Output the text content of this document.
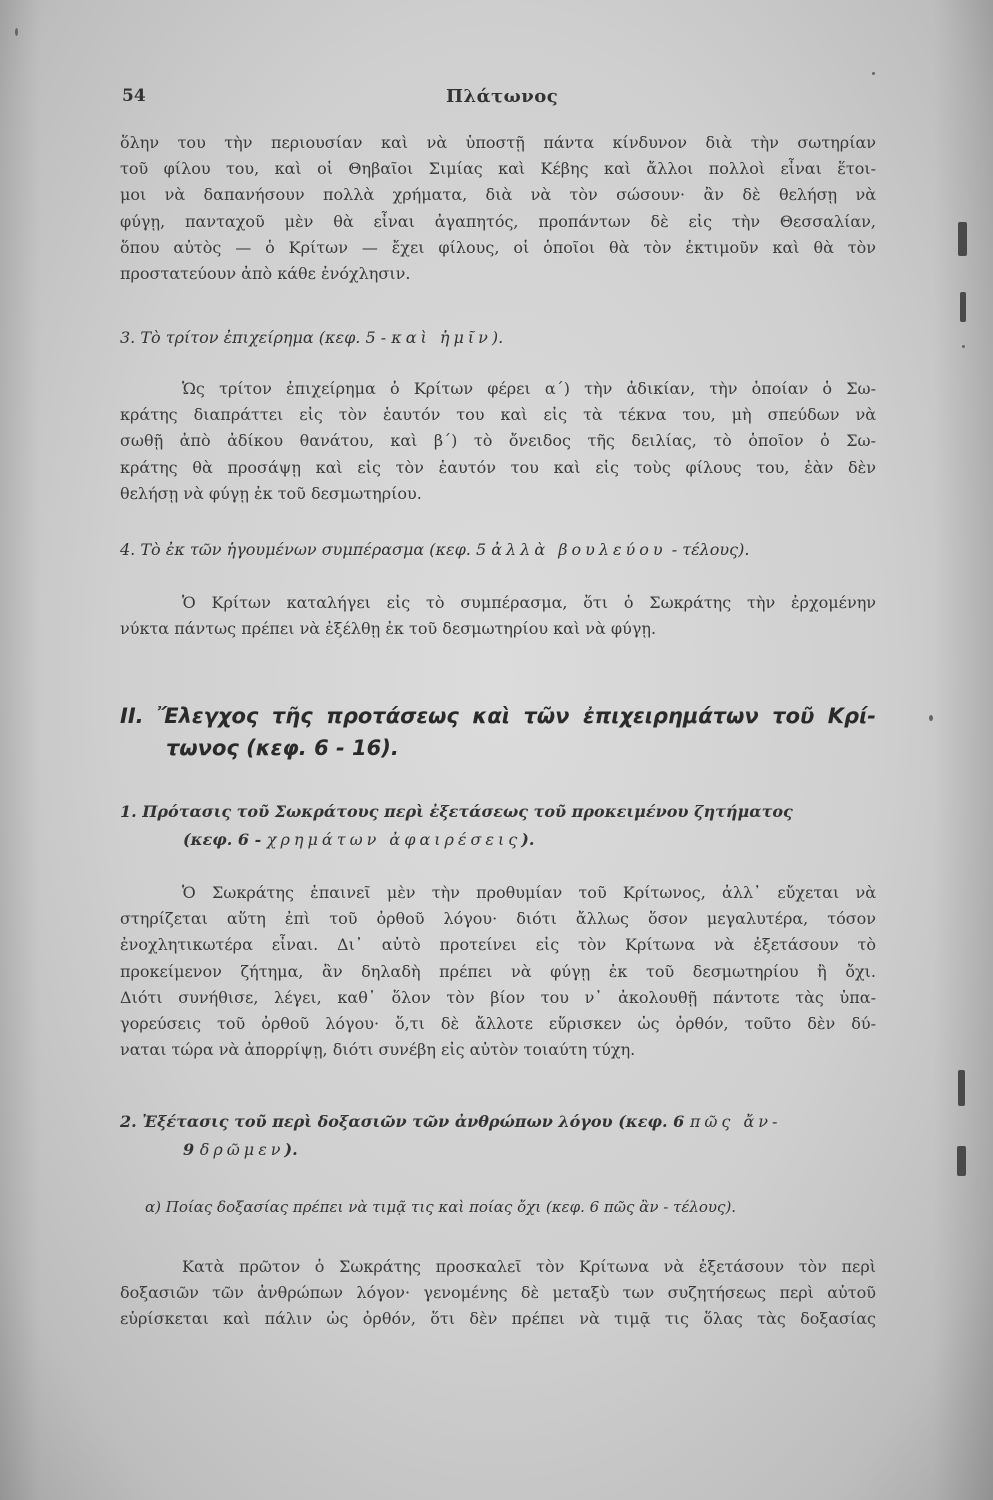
54	Πλάτωνος
ὅλην του τὴν περιουσίαν καὶ νὰ ὑποστῇ πάντα κίνδυνον διὰ τὴν σωτηρίαν
τοῦ φίλου του, καὶ οἱ Θηβαῖοι Σιμίας καὶ Κέβης καὶ ἄλλοι πολλοὶ εἶναι ἕτοι-
μοι νὰ δαπανήσουν πολλὰ χρήματα, διὰ νὰ τὸν σώσουν· ἂν δὲ θελήσῃ νὰ
φύγῃ, πανταχοῦ μὲν θὰ εἶναι ἀγαπητός, προπάντων δὲ εἰς τὴν Θεσσαλίαν,
ὅπου αὐτὸς — ὁ Κρίτων — ἔχει φίλους, οἱ ὁποῖοι θὰ τὸν ἐκτιμοῦν καὶ θὰ τὸν
προστατεύουν ἀπὸ κάθε ἐνόχλησιν.
3. Τὸ τρίτον ἐπιχείρημα (κεφ. 5 - καὶ ἡμῖν).
Ὡς τρίτον ἐπιχείρημα ὁ Κρίτων φέρει α΄) τὴν ἀδικίαν, τὴν ὁποίαν ὁ Σω-
κράτης διαπράττει εἰς τὸν ἑαυτόν του καὶ εἰς τὰ τέκνα του, μὴ σπεύδων νὰ
σωθῇ ἀπὸ ἀδίκου θανάτου, καὶ β΄) τὸ ὄνειδος τῆς δειλίας, τὸ ὁποῖον ὁ Σω-
κράτης θὰ προσάψῃ καὶ εἰς τὸν ἑαυτόν του καὶ εἰς τοὺς φίλους του, ἐὰν δὲν
θελήσῃ νὰ φύγῃ ἐκ τοῦ δεσμωτηρίου.
4. Τὸ ἐκ τῶν ἡγουμένων συμπέρασμα (κεφ. 5 ἀλλὰ βουλεύου - τέλους).
Ὁ Κρίτων καταλήγει εἰς τὸ συμπέρασμα, ὅτι ὁ Σωκράτης τὴν ἐρχομένην
νύκτα πάντως πρέπει νὰ ἐξέλθῃ ἐκ τοῦ δεσμωτηρίου καὶ νὰ φύγῃ.
II. Ἔλεγχος τῆς προτάσεως καὶ τῶν ἐπιχειρημάτων τοῦ Κρί-
τωνος (κεφ. 6 - 16).
1. Πρότασις τοῦ Σωκράτους περὶ ἐξετάσεως τοῦ προκειμένου ζητήματος
(κεφ. 6 - χρημάτων ἀφαιρέσεις).
Ὁ Σωκράτης ἐπαινεῖ μὲν τὴν προθυμίαν τοῦ Κρίτωνος, ἀλλ᾽ εὔχεται νὰ
στηρίζεται αὕτη ἐπὶ τοῦ ὀρθοῦ λόγου· διότι ἄλλως ὅσον μεγαλυτέρα, τόσον
ἐνοχλητικωτέρα εἶναι. Δι᾽ αὐτὸ προτείνει εἰς τὸν Κρίτωνα νὰ ἐξετάσουν τὸ
προκείμενον ζήτημα, ἂν δηλαδὴ πρέπει νὰ φύγῃ ἐκ τοῦ δεσμωτηρίου ἢ ὄχι.
Διότι συνήθισε, λέγει, καθ᾽ ὅλον τὸν βίον του ν᾽ ἀκολουθῇ πάντοτε τὰς ὑπα-
γορεύσεις τοῦ ὀρθοῦ λόγου· ὅ,τι δὲ ἄλλοτε εὕρισκεν ὡς ὀρθόν, τοῦτο δὲν δύ-
ναται τώρα νὰ ἀπορρίψῃ, διότι συνέβη εἰς αὐτὸν τοιαύτη τύχη.
2. Ἐξέτασις τοῦ περὶ δοξασιῶν τῶν ἀνθρώπων λόγου (κεφ. 6 πῶς ἄν-
9 δρῶμεν).
α) Ποίας δοξασίας πρέπει νὰ τιμᾷ τις καὶ ποίας ὄχι (κεφ. 6 πῶς ἂν - τέλους).
Κατὰ πρῶτον ὁ Σωκράτης προσκαλεῖ τὸν Κρίτωνα νὰ ἐξετάσουν τὸν περὶ
δοξασιῶν τῶν ἀνθρώπων λόγον· γενομένης δὲ μεταξὺ των συζητήσεως περὶ αὐτοῦ
εὑρίσκεται καὶ πάλιν ὡς ὀρθόν, ὅτι δὲν πρέπει νὰ τιμᾷ τις ὅλας τὰς δοξασίας
